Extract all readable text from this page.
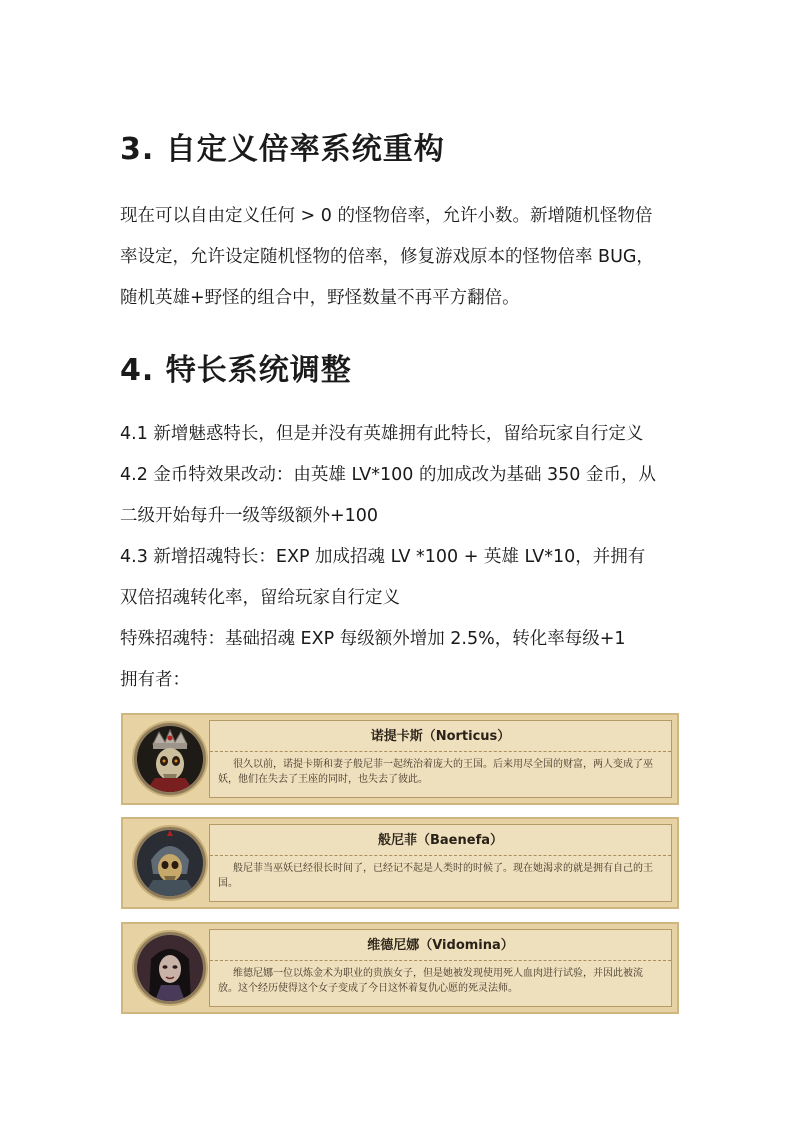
3. 自定义倍率系统重构

现在可以自由定义任何 > 0 的怪物倍率，允许小数。新增随机怪物倍
率设定，允许设定随机怪物的倍率，修复游戏原本的怪物倍率 BUG，
随机英雄+野怪的组合中，野怪数量不再平方翻倍。

4. 特长系统调整

4.1 新增魅惑特长，但是并没有英雄拥有此特长，留给玩家自行定义
4.2 金币特效果改动：由英雄 LV*100 的加成改为基础 350 金币，从
二级开始每升一级等级额外+100
4.3 新增招魂特长：EXP 加成招魂 LV *100 + 英雄 LV*10，并拥有
双倍招魂转化率，留给玩家自行定义
特殊招魂特：基础招魂 EXP 每级额外增加 2.5%，转化率每级+1
拥有者：

诺提卡斯（Norticus）
很久以前，诺提卡斯和妻子般尼菲一起统治着庞大的王国。后来用尽全国的财富，两人变成了巫妖，他们在失去了王座的同时，也失去了彼此。
般尼菲（Baenefa）
般尼菲当巫妖已经很长时间了，已经记不起是人类时的时候了。现在她渴求的就是拥有自己的王国。
维德尼娜（Vidomina）
维德尼娜一位以炼金术为职业的贵族女子，但是她被发现使用死人血肉进行试验，并因此被流放。这个经历使得这个女子变成了今日这怀着复仇心愿的死灵法师。
